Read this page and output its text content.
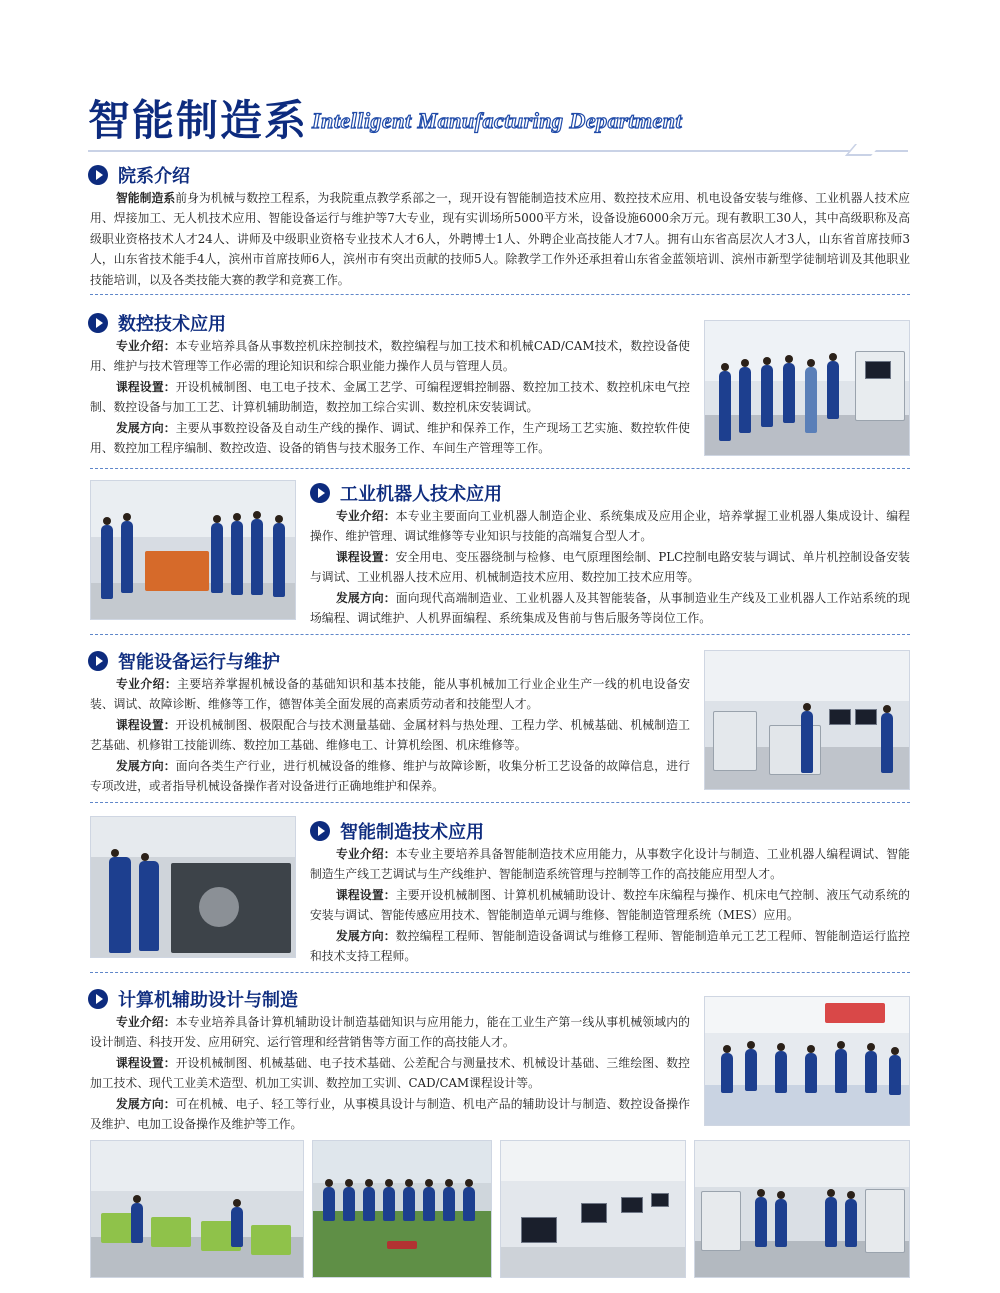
智能制造系 Intelligent Manufacturing Department
院系介绍

智能制造系前身为机械与数控工程系，为我院重点教学系部之一，现开设有智能制造技术应用、数控技术应用、机电设备安装与维修、工业机器人技术应用、焊接加工、无人机技术应用、智能设备运行与维护等7大专业，现有实训场所5000平方米，设备设施6000余万元。现有教职工30人，其中高级职称及高级职业资格技术人才24人、讲师及中级职业资格专业技术人才6人，外聘博士1人、外聘企业高技能人才7人。拥有山东省高层次人才3人，山东省首席技师3人，山东省技术能手4人，滨州市首席技师6人，滨州市有突出贡献的技师5人。除教学工作外还承担着山东省金蓝领培训、滨州市新型学徒制培训及其他职业技能培训，以及各类技能大赛的教学和竞赛工作。

数控技术应用

专业介绍：本专业培养具备从事数控机床控制技术，数控编程与加工技术和机械CAD/CAM技术，数控设备使用、维护与技术管理等工作必需的理论知识和综合职业能力操作人员与管理人员。

课程设置：开设机械制图、电工电子技术、金属工艺学、可编程逻辑控制器、数控加工技术、数控机床电气控制、数控设备与加工工艺、计算机辅助制造，数控加工综合实训、数控机床安装调试。

发展方向：主要从事数控设备及自动生产线的操作、调试、维护和保养工作，生产现场工艺实施、数控软件使用、数控加工程序编制、数控改造、设备的销售与技术服务工作、车间生产管理等工作。

工业机器人技术应用

专业介绍：本专业主要面向工业机器人制造企业、系统集成及应用企业，培养掌握工业机器人集成设计、编程操作、维护管理、调试维修等专业知识与技能的高端复合型人才。

课程设置：安全用电、变压器绕制与检修、电气原理图绘制、PLC控制电路安装与调试、单片机控制设备安装与调试、工业机器人技术应用、机械制造技术应用、数控加工技术应用等。

发展方向：面向现代高端制造业、工业机器人及其智能装备，从事制造业生产线及工业机器人工作站系统的现场编程、调试维护、人机界面编程、系统集成及售前与售后服务等岗位工作。

智能设备运行与维护

专业介绍：主要培养掌握机械设备的基础知识和基本技能，能从事机械加工行业企业生产一线的机电设备安装、调试、故障诊断、维修等工作，德智体美全面发展的高素质劳动者和技能型人才。

课程设置：开设机械制图、极限配合与技术测量基础、金属材料与热处理、工程力学、机械基础、机械制造工艺基础、机修钳工技能训练、数控加工基础、维修电工、计算机绘图、机床维修等。

发展方向：面向各类生产行业，进行机械设备的维修、维护与故障诊断，收集分析工艺设备的故障信息，进行专项改进，或者指导机械设备操作者对设备进行正确地维护和保养。

智能制造技术应用

专业介绍：本专业主要培养具备智能制造技术应用能力，从事数字化设计与制造、工业机器人编程调试、智能制造生产线工艺调试与生产线维护、智能制造系统管理与控制等工作的高技能应用型人才。

课程设置：主要开设机械制图、计算机机械辅助设计、数控车床编程与操作、机床电气控制、液压气动系统的安装与调试、智能传感应用技术、智能制造单元调与维修、智能制造管理系统（MES）应用。

发展方向：数控编程工程师、智能制造设备调试与维修工程师、智能制造单元工艺工程师、智能制造运行监控和技术支持工程师。

计算机辅助设计与制造

专业介绍：本专业培养具备计算机辅助设计制造基础知识与应用能力，能在工业生产第一线从事机械领域内的设计制造、科技开发、应用研究、运行管理和经营销售等方面工作的高技能人才。

课程设置：开设机械制图、机械基础、电子技术基础、公差配合与测量技术、机械设计基础、三维绘图、数控加工技术、现代工业美术造型、机加工实训、数控加工实训、CAD/CAM课程设计等。

发展方向：可在机械、电子、轻工等行业，从事模具设计与制造、机电产品的辅助设计与制造、数控设备操作及维护、电加工设备操作及维护等工作。
